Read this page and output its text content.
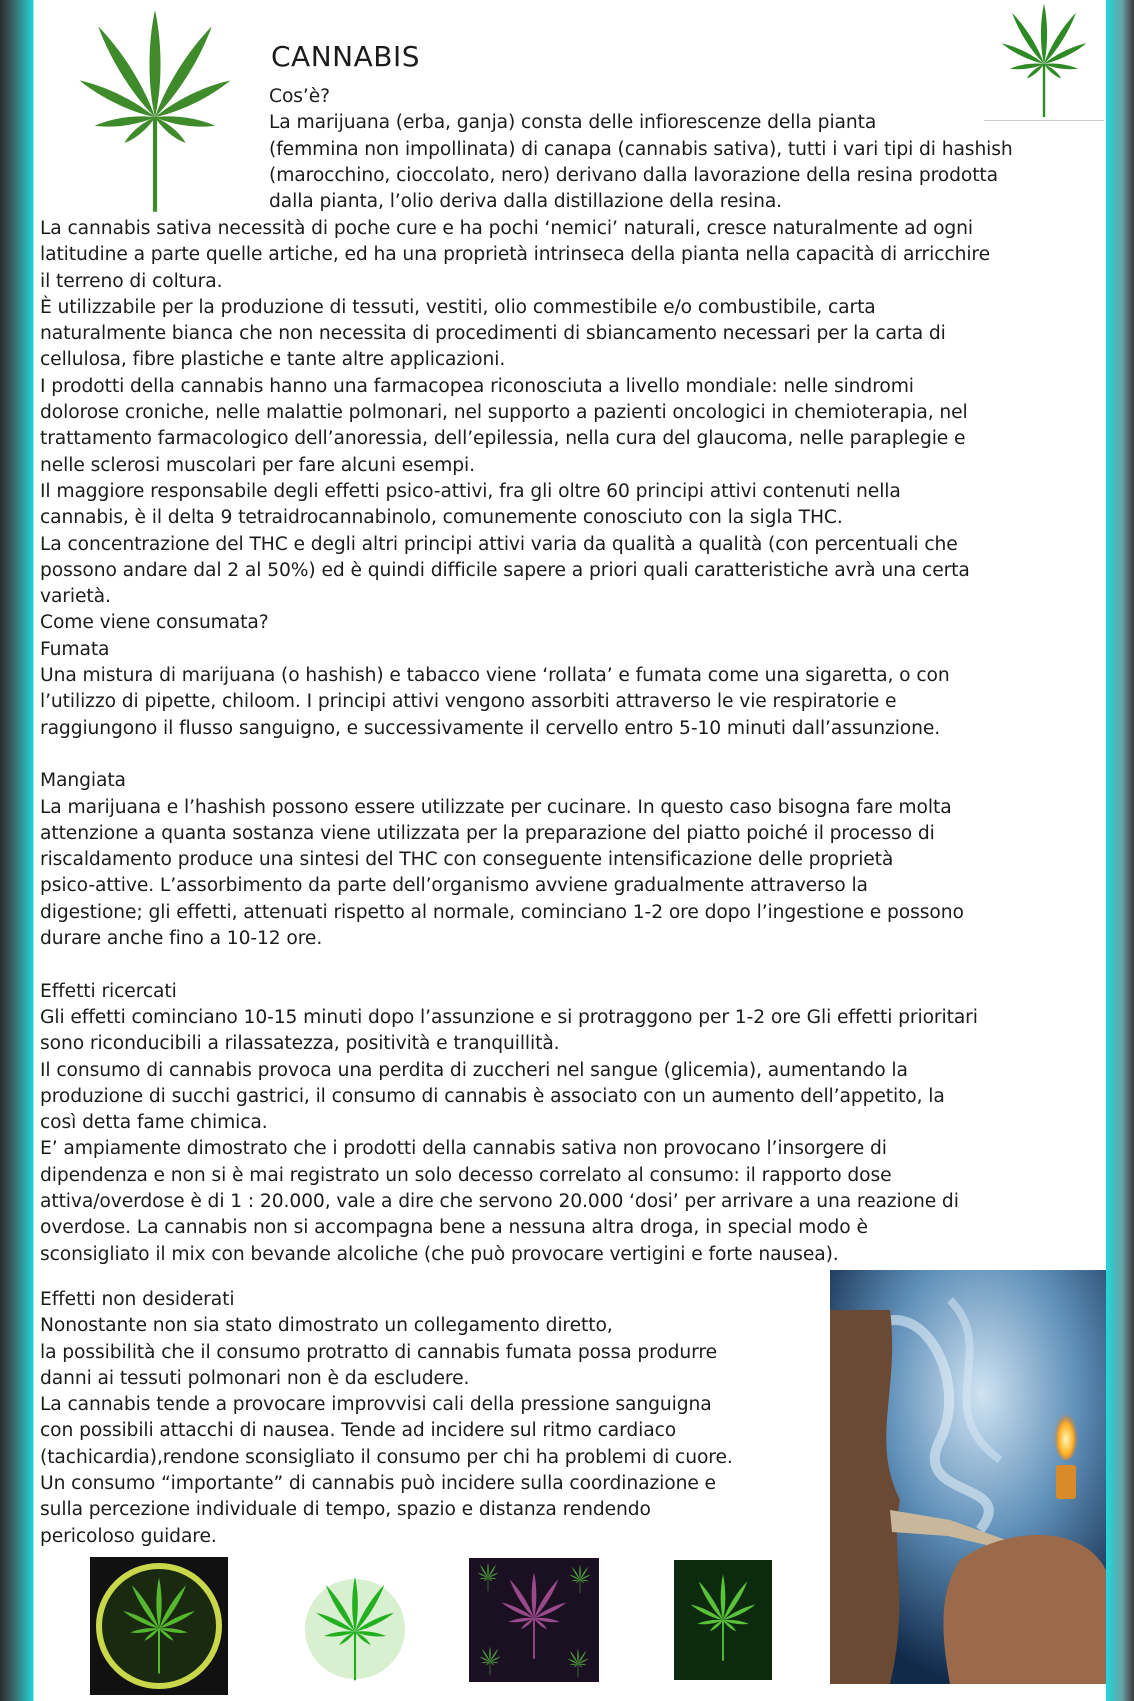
CANNABIS
Cos’è?
La marijuana (erba, ganja) consta delle infiorescenze della pianta
(femmina non impollinata) di canapa (cannabis sativa), tutti i vari tipi di hashish
(marocchino, cioccolato, nero) derivano dalla lavorazione della resina prodotta
dalla pianta, l’olio deriva dalla distillazione della resina.
La cannabis sativa necessità di poche cure e ha pochi ‘nemici’ naturali, cresce naturalmente ad ogni
latitudine a parte quelle artiche, ed ha una proprietà intrinseca della pianta nella capacità di arricchire
il terreno di coltura.
È utilizzabile per la produzione di tessuti, vestiti, olio commestibile e/o combustibile, carta
naturalmente bianca che non necessita di procedimenti di sbiancamento necessari per la carta di
cellulosa, fibre plastiche e tante altre applicazioni.
I prodotti della cannabis hanno una farmacopea riconosciuta a livello mondiale: nelle sindromi
dolorose croniche, nelle malattie polmonari, nel supporto a pazienti oncologici in chemioterapia, nel
trattamento farmacologico dell’anoressia, dell’epilessia, nella cura del glaucoma, nelle paraplegie e
nelle sclerosi muscolari per fare alcuni esempi.
Il maggiore responsabile degli effetti psico-attivi, fra gli oltre 60 principi attivi contenuti nella
cannabis, è il delta 9 tetraidrocannabinolo, comunemente conosciuto con la sigla THC.
La concentrazione del THC e degli altri principi attivi varia da qualità a qualità (con percentuali che
possono andare dal 2 al 50%) ed è quindi difficile sapere a priori quali caratteristiche avrà una certa
varietà.
Come viene consumata?
Fumata
Una mistura di marijuana (o hashish) e tabacco viene ‘rollata’ e fumata come una sigaretta, o con
l’utilizzo di pipette, chiloom. I principi attivi vengono assorbiti attraverso le vie respiratorie e
raggiungono il flusso sanguigno, e successivamente il cervello entro 5-10 minuti dall’assunzione.

Mangiata
La marijuana e l’hashish possono essere utilizzate per cucinare. In questo caso bisogna fare molta
attenzione a quanta sostanza viene utilizzata per la preparazione del piatto poiché il processo di
riscaldamento produce una sintesi del THC con conseguente intensificazione delle proprietà
psico-attive. L’assorbimento da parte dell’organismo avviene gradualmente attraverso la
digestione; gli effetti, attenuati rispetto al normale, cominciano 1-2 ore dopo l’ingestione e possono
durare anche fino a 10-12 ore.

Effetti ricercati
Gli effetti cominciano 10-15 minuti dopo l’assunzione e si protraggono per 1-2 ore Gli effetti prioritari
sono riconducibili a rilassatezza, positività e tranquillità.
Il consumo di cannabis provoca una perdita di zuccheri nel sangue (glicemia), aumentando la
produzione di succhi gastrici, il consumo di cannabis è associato con un aumento dell’appetito, la
così detta fame chimica.
E’ ampiamente dimostrato che i prodotti della cannabis sativa non provocano l’insorgere di
dipendenza e non si è mai registrato un solo decesso correlato al consumo: il rapporto dose
attiva/overdose è di 1 : 20.000, vale a dire che servono 20.000 ‘dosi’ per arrivare a una reazione di
overdose. La cannabis non si accompagna bene a nessuna altra droga, in special modo è
sconsigliato il mix con bevande alcoliche (che può provocare vertigini e forte nausea).
Effetti non desiderati
Nonostante non sia stato dimostrato un collegamento diretto,
la possibilità che il consumo protratto di cannabis fumata possa produrre
danni ai tessuti polmonari non è da escludere.
La cannabis tende a provocare improvvisi cali della pressione sanguigna
con possibili attacchi di nausea. Tende ad incidere sul ritmo cardiaco
(tachicardia),rendone sconsigliato il consumo per chi ha problemi di cuore.
Un consumo “importante” di cannabis può incidere sulla coordinazione e
sulla percezione individuale di tempo, spazio e distanza rendendo
pericoloso guidare.
